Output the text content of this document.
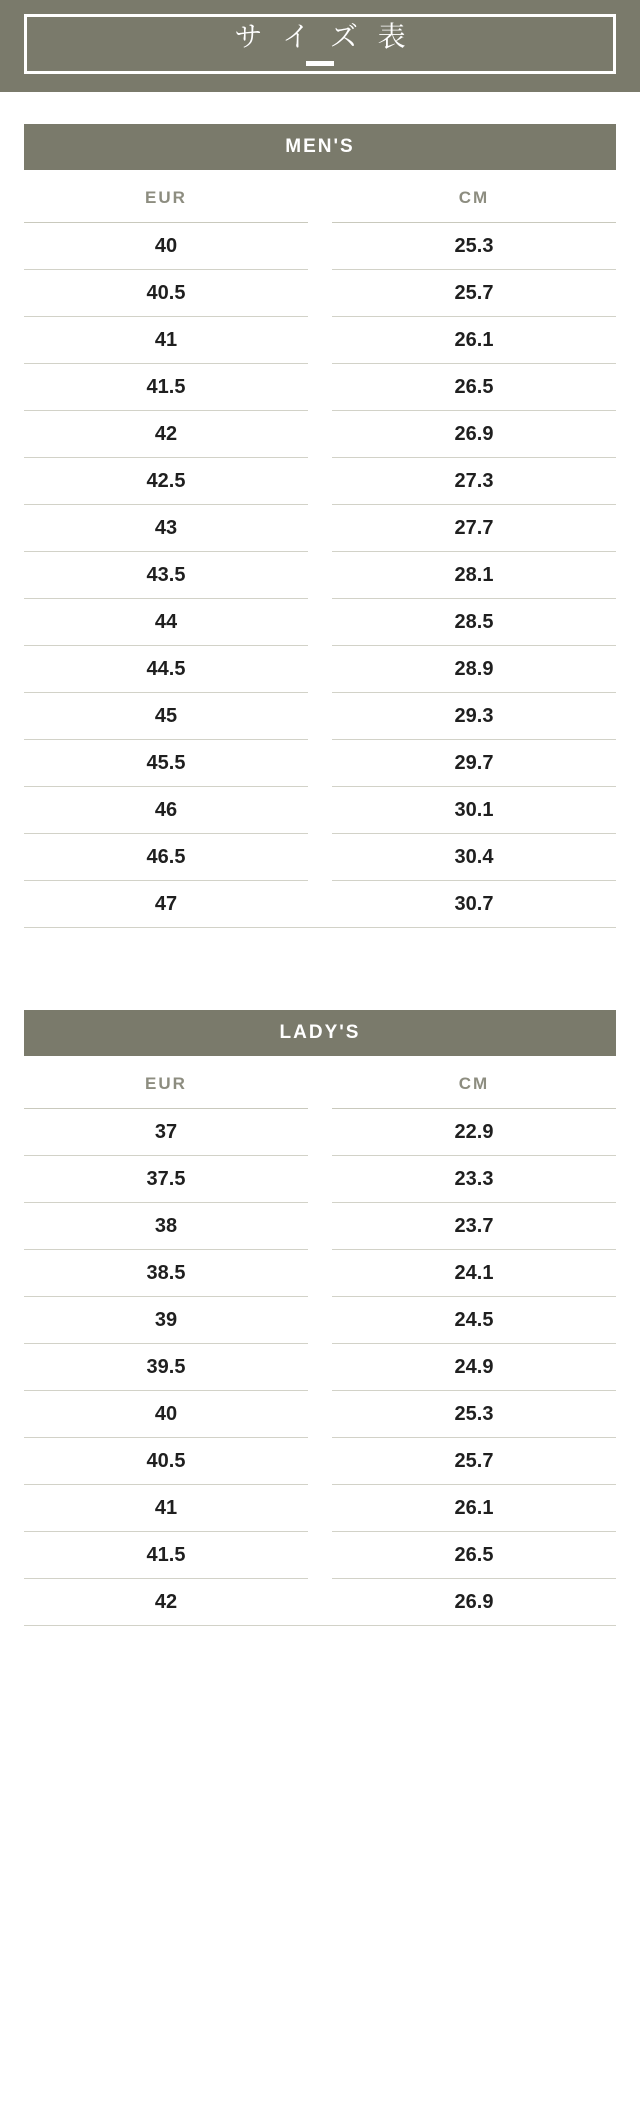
サ イ ズ 表
MEN'S
EUR		CM
40		25.3
40.5		25.7
41		26.1
41.5		26.5
42		26.9
42.5		27.3
43		27.7
43.5		28.1
44		28.5
44.5		28.9
45		29.3
45.5		29.7
46		30.1
46.5		30.4
47		30.7
LADY'S
EUR		CM
37		22.9
37.5		23.3
38		23.7
38.5		24.1
39		24.5
39.5		24.9
40		25.3
40.5		25.7
41		26.1
41.5		26.5
42		26.9
